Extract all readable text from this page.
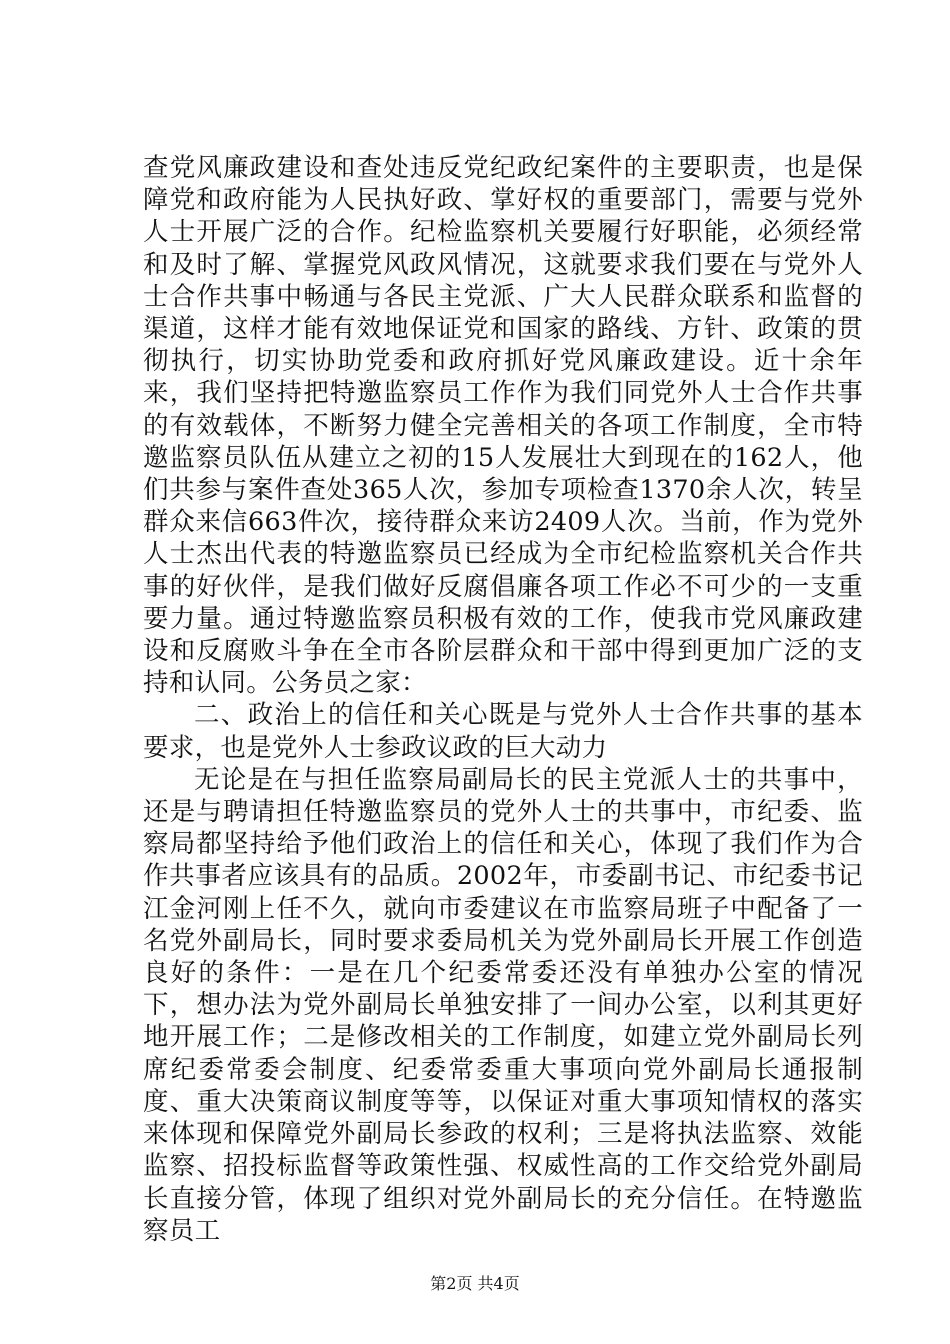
查党风廉政建设和查处违反党纪政纪案件的主要职责，也是保障党和政府能为人民执好政、掌好权的重要部门，需要与党外人士开展广泛的合作。纪检监察机关要履行好职能，必须经常和及时了解、掌握党风政风情况，这就要求我们要在与党外人士合作共事中畅通与各民主党派、广大人民群众联系和监督的渠道，这样才能有效地保证党和国家的路线、方针、政策的贯彻执行，切实协助党委和政府抓好党风廉政建设。近十余年来，我们坚持把特邀监察员工作作为我们同党外人士合作共事的有效载体，不断努力健全完善相关的各项工作制度，全市特邀监察员队伍从建立之初的15人发展壮大到现在的162人，他们共参与案件查处365人次，参加专项检查1370余人次，转呈群众来信663件次，接待群众来访2409人次。当前，作为党外人士杰出代表的特邀监察员已经成为全市纪检监察机关合作共事的好伙伴，是我们做好反腐倡廉各项工作必不可少的一支重要力量。通过特邀监察员积极有效的工作，使我市党风廉政建设和反腐败斗争在全市各阶层群众和干部中得到更加广泛的支持和认同。公务员之家：

二、政治上的信任和关心既是与党外人士合作共事的基本要求，也是党外人士参政议政的巨大动力

无论是在与担任监察局副局长的民主党派人士的共事中，还是与聘请担任特邀监察员的党外人士的共事中，市纪委、监察局都坚持给予他们政治上的信任和关心，体现了我们作为合作共事者应该具有的品质。2002年，市委副书记、市纪委书记江金河刚上任不久，就向市委建议在市监察局班子中配备了一名党外副局长，同时要求委局机关为党外副局长开展工作创造良好的条件：一是在几个纪委常委还没有单独办公室的情况下，想办法为党外副局长单独安排了一间办公室，以利其更好地开展工作；二是修改相关的工作制度，如建立党外副局长列席纪委常委会制度、纪委常委重大事项向党外副局长通报制度、重大决策商议制度等等，以保证对重大事项知情权的落实来体现和保障党外副局长参政的权利；三是将执法监察、效能监察、招投标监督等政策性强、权威性高的工作交给党外副局长直接分管，体现了组织对党外副局长的充分信任。在特邀监察员工

第2页 共4页
